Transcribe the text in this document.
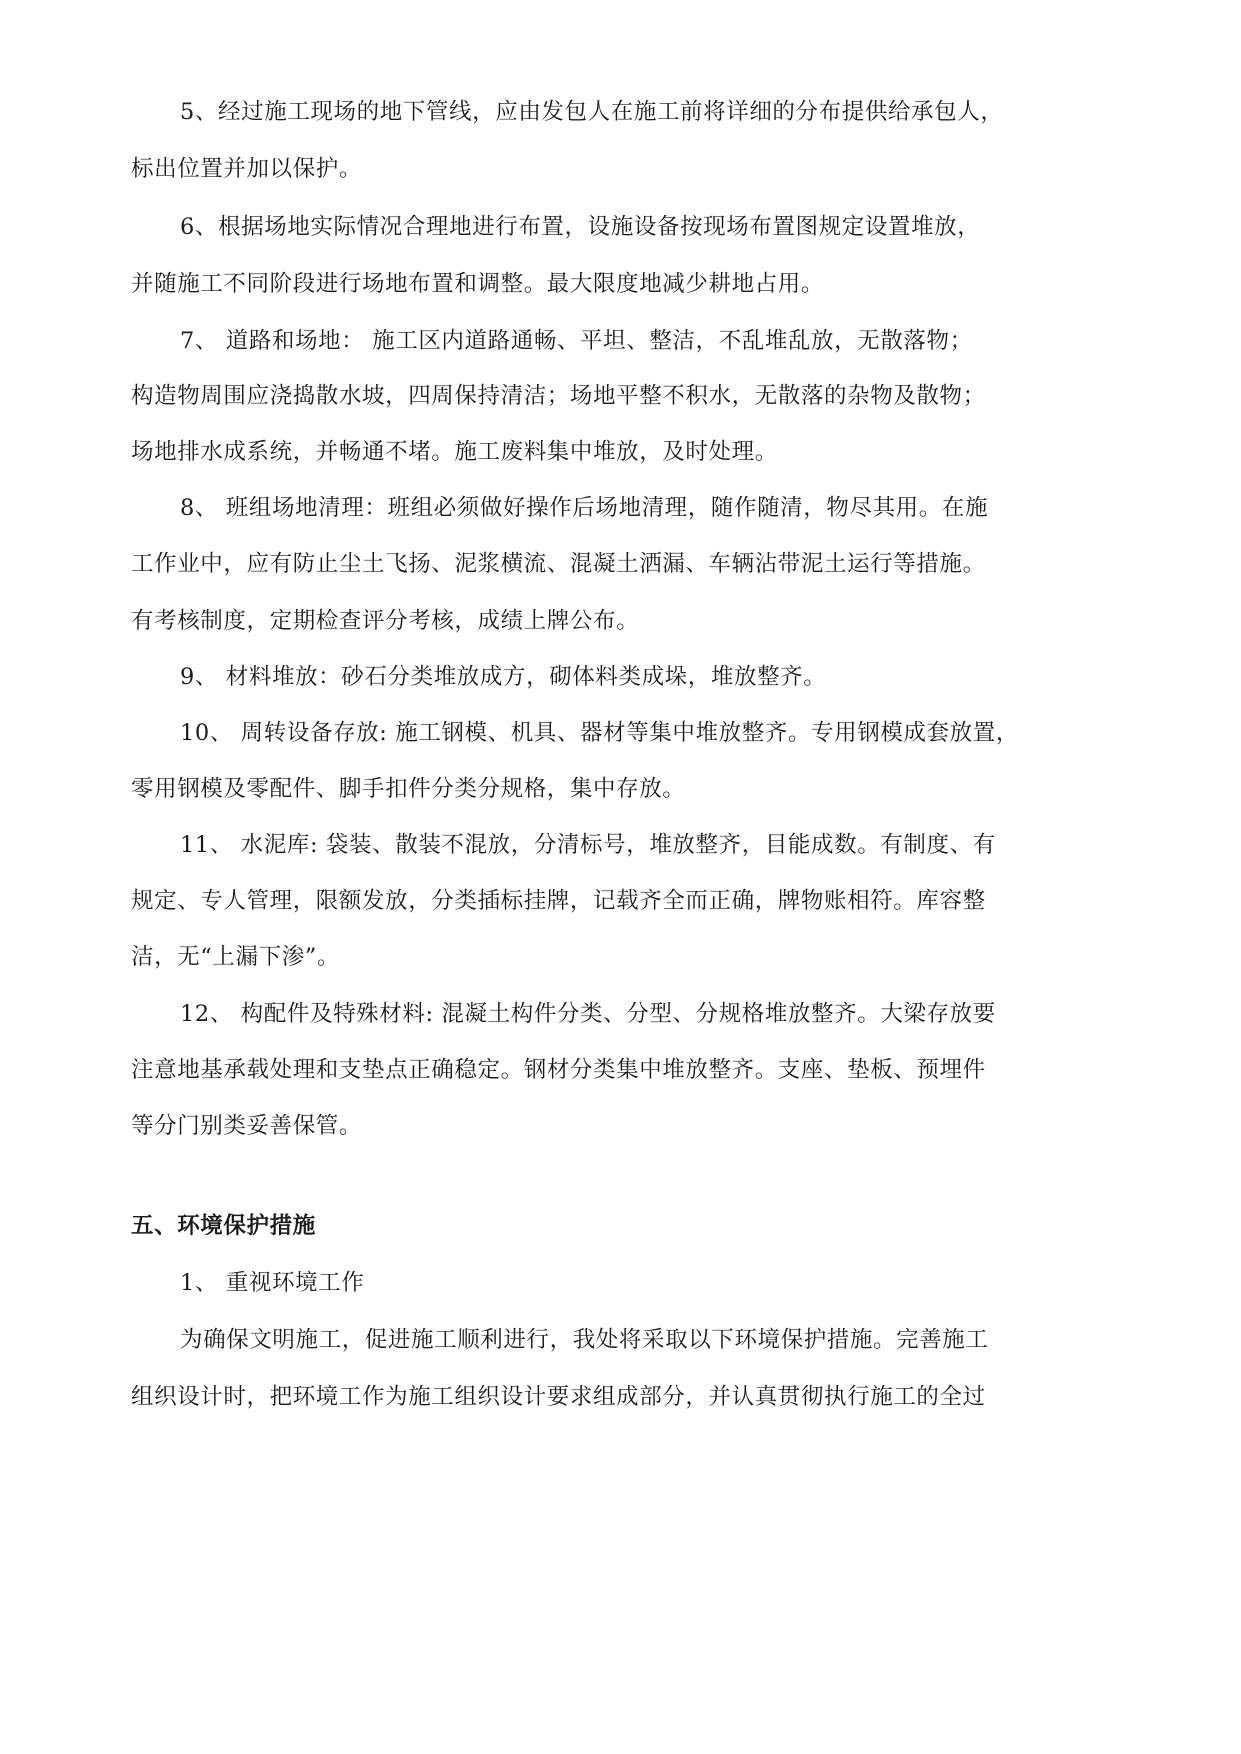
5、经过施工现场的地下管线，应由发包人在施工前将详细的分布提供给承包人，
标出位置并加以保护。
6、根据场地实际情况合理地进行布置，设施设备按现场布置图规定设置堆放，
并随施工不同阶段进行场地布置和调整。最大限度地减少耕地占用。
7、 道路和场地： 施工区内道路通畅、平坦、整洁，不乱堆乱放，无散落物；
构造物周围应浇捣散水坡，四周保持清洁；场地平整不积水，无散落的杂物及散物；
场地排水成系统，并畅通不堵。施工废料集中堆放，及时处理。
8、 班组场地清理：班组必须做好操作后场地清理，随作随清，物尽其用。在施
工作业中，应有防止尘土飞扬、泥浆横流、混凝土洒漏、车辆沾带泥土运行等措施。
有考核制度，定期检查评分考核，成绩上牌公布。
9、 材料堆放：砂石分类堆放成方，砌体料类成垛，堆放整齐。
10、 周转设备存放: 施工钢模、机具、器材等集中堆放整齐。专用钢模成套放置，
零用钢模及零配件、脚手扣件分类分规格，集中存放。
11、 水泥库: 袋装、散装不混放，分清标号，堆放整齐，目能成数。有制度、有
规定、专人管理，限额发放，分类插标挂牌，记载齐全而正确，牌物账相符。库容整
洁，无“上漏下渗”。
12、 构配件及特殊材料: 混凝土构件分类、分型、分规格堆放整齐。大梁存放要
注意地基承载处理和支垫点正确稳定。钢材分类集中堆放整齐。支座、垫板、预埋件
等分门别类妥善保管。
五、环境保护措施
1、 重视环境工作
为确保文明施工，促进施工顺利进行，我处将采取以下环境保护措施。完善施工
组织设计时，把环境工作为施工组织设计要求组成部分，并认真贯彻执行施工的全过
